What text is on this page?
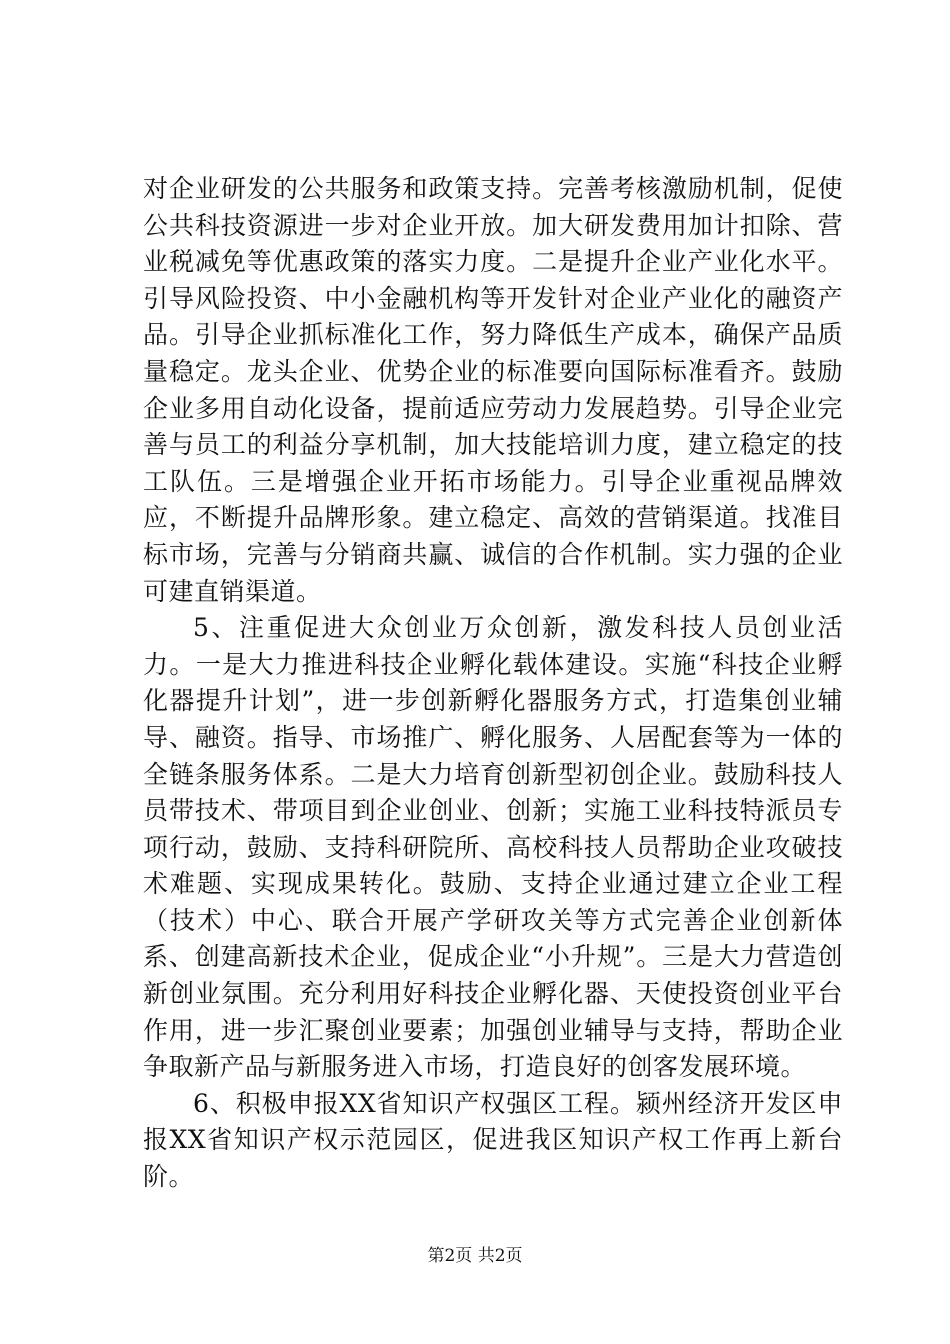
对企业研发的公共服务和政策支持。完善考核激励机制，促使公共科技资源进一步对企业开放。加大研发费用加计扣除、营业税减免等优惠政策的落实力度。二是提升企业产业化水平。引导风险投资、中小金融机构等开发针对企业产业化的融资产品。引导企业抓标准化工作，努力降低生产成本，确保产品质量稳定。龙头企业、优势企业的标准要向国际标准看齐。鼓励企业多用自动化设备，提前适应劳动力发展趋势。引导企业完善与员工的利益分享机制，加大技能培训力度，建立稳定的技工队伍。三是增强企业开拓市场能力。引导企业重视品牌效应，不断提升品牌形象。建立稳定、高效的营销渠道。找准目标市场，完善与分销商共赢、诚信的合作机制。实力强的企业可建直销渠道。

5、注重促进大众创业万众创新，激发科技人员创业活力。一是大力推进科技企业孵化载体建设。实施“科技企业孵化器提升计划”，进一步创新孵化器服务方式，打造集创业辅导、融资。指导、市场推广、孵化服务、人居配套等为一体的全链条服务体系。二是大力培育创新型初创企业。鼓励科技人员带技术、带项目到企业创业、创新；实施工业科技特派员专项行动，鼓励、支持科研院所、高校科技人员帮助企业攻破技术难题、实现成果转化。鼓励、支持企业通过建立企业工程（技术）中心、联合开展产学研攻关等方式完善企业创新体系、创建高新技术企业，促成企业“小升规”。三是大力营造创新创业氛围。充分利用好科技企业孵化器、天使投资创业平台作用，进一步汇聚创业要素；加强创业辅导与支持，帮助企业争取新产品与新服务进入市场，打造良好的创客发展环境。

6、积极申报XX省知识产权强区工程。颍州经济开发区申报XX省知识产权示范园区，促进我区知识产权工作再上新台阶。

第2页 共2页
